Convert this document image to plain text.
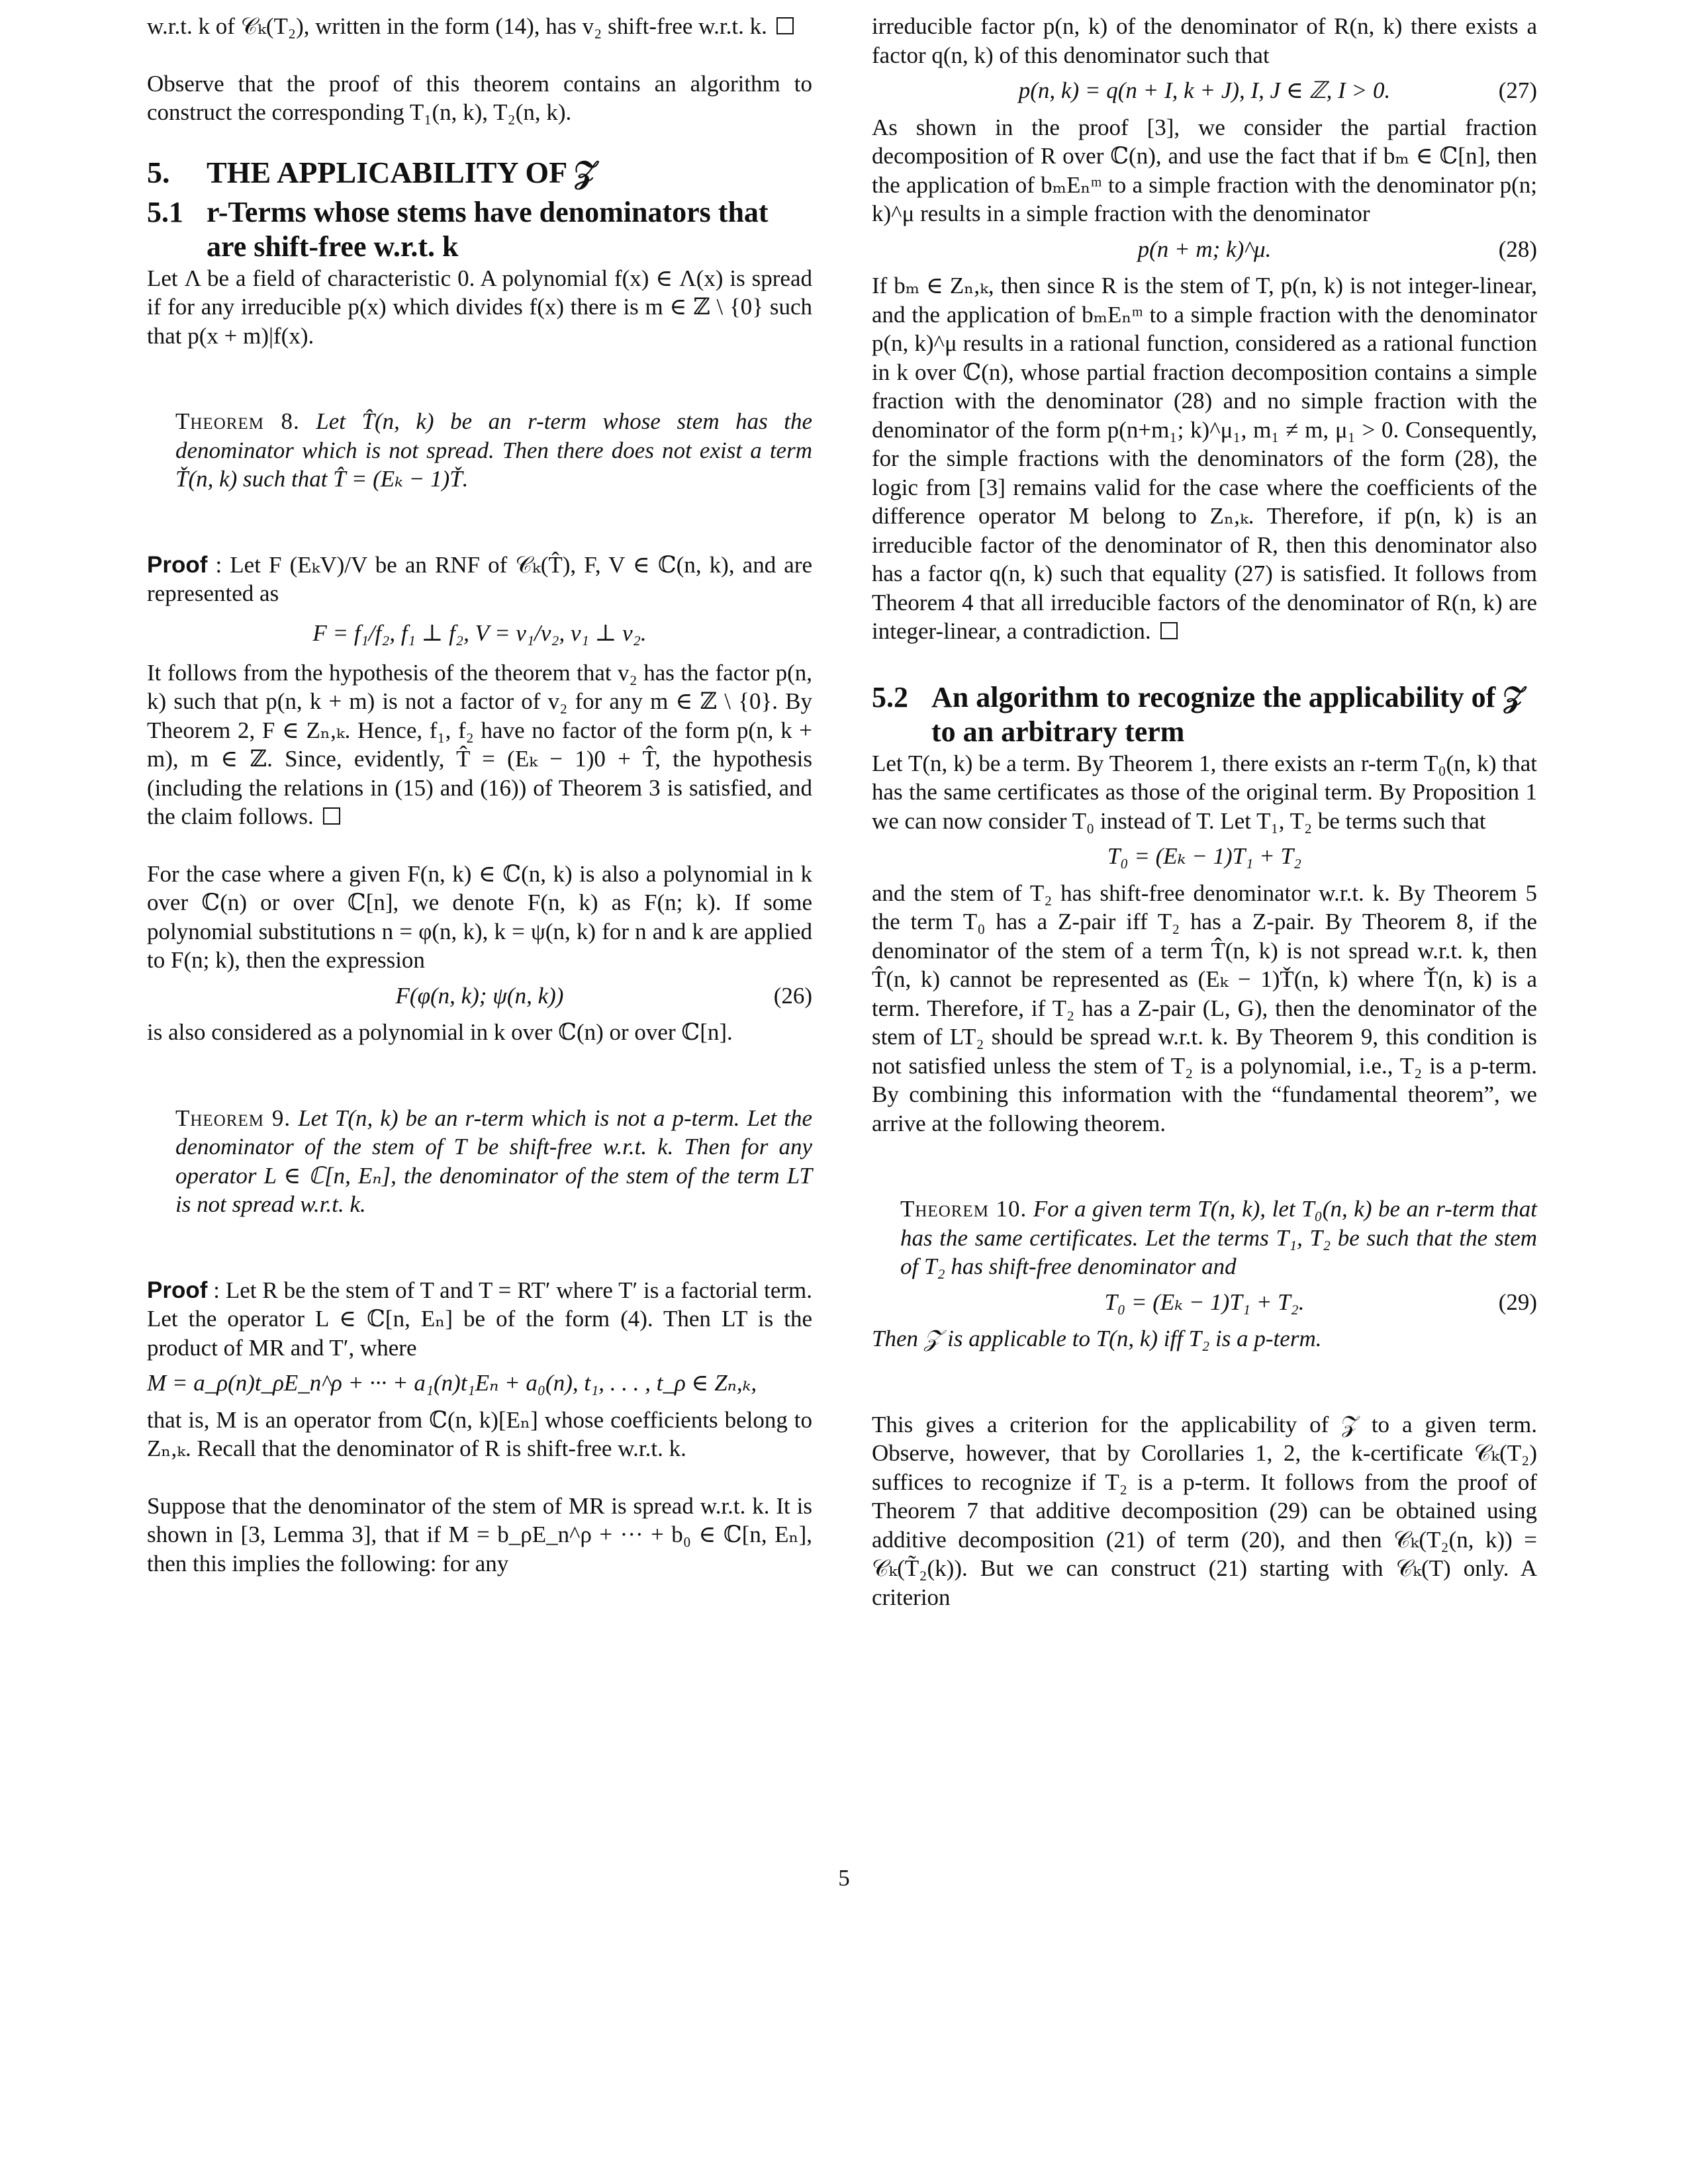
w.r.t. k of 𝒞ₖ(T₂), written in the form (14), has v₂ shift-free w.r.t. k.

Observe that the proof of this theorem contains an algorithm to construct the corresponding T₁(n, k), T₂(n, k).

5.	THE APPLICABILITY OF 𝒵
5.1 r-Terms whose stems have denominators that are shift-free w.r.t. k

Let Λ be a field of characteristic 0. A polynomial f(x) ∈ Λ(x) is spread if for any irreducible p(x) which divides f(x) there is m ∈ ℤ \ {0} such that p(x + m)|f(x).

Theorem 8. Let T̂(n, k) be an r-term whose stem has the denominator which is not spread. Then there does not exist a term Ť(n, k) such that T̂ = (Eₖ − 1)Ť.

Proof : Let F (EₖV)/V be an RNF of 𝒞ₖ(T̂), F, V ∈ ℂ(n, k), and are represented as

F = f₁/f₂, f₁ ⊥ f₂, V = v₁/v₂, v₁ ⊥ v₂.

It follows from the hypothesis of the theorem that v₂ has the factor p(n, k) such that p(n, k + m) is not a factor of v₂ for any m ∈ ℤ \ {0}. By Theorem 2, F ∈ Zₙ,ₖ. Hence, f₁, f₂ have no factor of the form p(n, k + m), m ∈ ℤ. Since, evidently, T̂ = (Eₖ − 1)0 + T̂, the hypothesis (including the relations in (15) and (16)) of Theorem 3 is satisfied, and the claim follows.

For the case where a given F(n, k) ∈ ℂ(n, k) is also a polynomial in k over ℂ(n) or over ℂ[n], we denote F(n, k) as F(n; k). If some polynomial substitutions n = φ(n, k), k = ψ(n, k) for n and k are applied to F(n; k), then the expression

F(φ(n, k); ψ(n, k))	(26)

is also considered as a polynomial in k over ℂ(n) or over ℂ[n].

Theorem 9. Let T(n, k) be an r-term which is not a p-term. Let the denominator of the stem of T be shift-free w.r.t. k. Then for any operator L ∈ ℂ[n, Eₙ], the denominator of the stem of the term LT is not spread w.r.t. k.

Proof : Let R be the stem of T and T = RT′ where T′ is a factorial term. Let the operator L ∈ ℂ[n, Eₙ] be of the form (4). Then LT is the product of MR and T′, where

M = a_ρ(n)t_ρE_n^ρ + ··· + a₁(n)t₁Eₙ + a₀(n), t₁, . . . , t_ρ ∈ Zₙ,ₖ,

that is, M is an operator from ℂ(n, k)[Eₙ] whose coefficients belong to Zₙ,ₖ. Recall that the denominator of R is shift-free w.r.t. k.

Suppose that the denominator of the stem of MR is spread w.r.t. k. It is shown in [3, Lemma 3], that if M = b_ρE_n^ρ + ··· + b₀ ∈ ℂ[n, Eₙ], then this implies the following: for any

irreducible factor p(n, k) of the denominator of R(n, k) there exists a factor q(n, k) of this denominator such that

p(n, k) = q(n + I, k + J), I, J ∈ ℤ, I > 0.	(27)

As shown in the proof [3], we consider the partial fraction decomposition of R over ℂ(n), and use the fact that if bₘ ∈ ℂ[n], then the application of bₘEₙᵐ to a simple fraction with the denominator p(n; k)^μ results in a simple fraction with the denominator

p(n + m; k)^μ.	(28)

If bₘ ∈ Zₙ,ₖ, then since R is the stem of T, p(n, k) is not integer-linear, and the application of bₘEₙᵐ to a simple fraction with the denominator p(n, k)^μ results in a rational function, considered as a rational function in k over ℂ(n), whose partial fraction decomposition contains a simple fraction with the denominator (28) and no simple fraction with the denominator of the form p(n+m₁; k)^μ₁, m₁ ≠ m, μ₁ > 0. Consequently, for the simple fractions with the denominators of the form (28), the logic from [3] remains valid for the case where the coefficients of the difference operator M belong to Zₙ,ₖ. Therefore, if p(n, k) is an irreducible factor of the denominator of R, then this denominator also has a factor q(n, k) such that equality (27) is satisfied. It follows from Theorem 4 that all irreducible factors of the denominator of R(n, k) are integer-linear, a contradiction.

5.2 An algorithm to recognize the applicability of 𝒵 to an arbitrary term

Let T(n, k) be a term. By Theorem 1, there exists an r-term T₀(n, k) that has the same certificates as those of the original term. By Proposition 1 we can now consider T₀ instead of T. Let T₁, T₂ be terms such that

T₀ = (Eₖ − 1)T₁ + T₂

and the stem of T₂ has shift-free denominator w.r.t. k. By Theorem 5 the term T₀ has a Z-pair iff T₂ has a Z-pair. By Theorem 8, if the denominator of the stem of a term T̂(n, k) is not spread w.r.t. k, then T̂(n, k) cannot be represented as (Eₖ − 1)Ť(n, k) where Ť(n, k) is a term. Therefore, if T₂ has a Z-pair (L, G), then the denominator of the stem of LT₂ should be spread w.r.t. k. By Theorem 9, this condition is not satisfied unless the stem of T₂ is a polynomial, i.e., T₂ is a p-term. By combining this information with the “fundamental theorem”, we arrive at the following theorem.

Theorem 10. For a given term T(n, k), let T₀(n, k) be an r-term that has the same certificates. Let the terms T₁, T₂ be such that the stem of T₂ has shift-free denominator and

T₀ = (Eₖ − 1)T₁ + T₂.	(29)

Then 𝒵 is applicable to T(n, k) iff T₂ is a p-term.

This gives a criterion for the applicability of 𝒵 to a given term. Observe, however, that by Corollaries 1, 2, the k-certificate 𝒞ₖ(T₂) suffices to recognize if T₂ is a p-term. It follows from the proof of Theorem 7 that additive decomposition (29) can be obtained using additive decomposition (21) of term (20), and then 𝒞ₖ(T₂(n, k)) = 𝒞ₖ(T̃₂(k)). But we can construct (21) starting with 𝒞ₖ(T) only. A criterion

5
